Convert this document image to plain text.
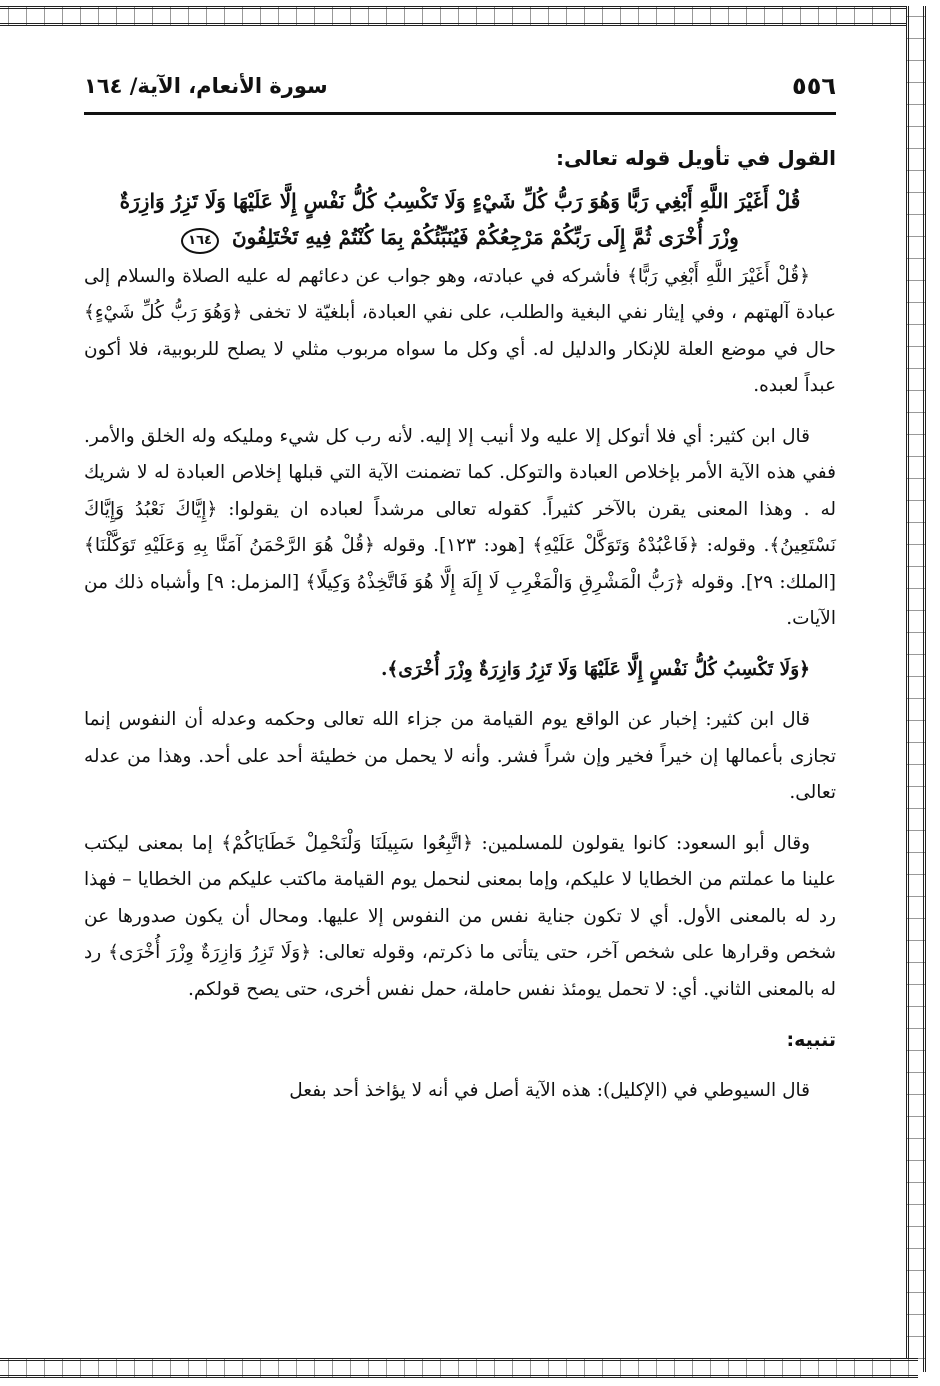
٥٥٦
سورة الأنعام، الآية/ ١٦٤

القول في تأويل قوله تعالى:

قُلْ أَغَيْرَ اللَّهِ أَبْغِي رَبًّا وَهُوَ رَبُّ كُلِّ شَيْءٍ وَلَا تَكْسِبُ كُلُّ نَفْسٍ إِلَّا عَلَيْهَا وَلَا تَزِرُ وَازِرَةٌ
وِزْرَ أُخْرَى ثُمَّ إِلَى رَبِّكُمْ مَرْجِعُكُمْ فَيُنَبِّئُكُمْ بِمَا كُنْتُمْ فِيهِ تَخْتَلِفُونَ ١٦٤

﴿قُلْ أَغَيْرَ اللَّهِ أَبْغِي رَبًّا﴾ فأشركه في عبادته، وهو جواب عن دعائهم له عليه الصلاة والسلام إلى عبادة آلهتهم ، وفي إيثار نفي البغية والطلب، على نفي العبادة، أبلغيّة لا تخفى ﴿وَهُوَ رَبُّ كُلِّ شَيْءٍ﴾ حال في موضع العلة للإنكار والدليل له. أي وكل ما سواه مربوب مثلي لا يصلح للربوبية، فلا أكون عبداً لعبده.

قال ابن كثير: أي فلا أتوكل إلا عليه ولا أنيب إلا إليه. لأنه رب كل شيء ومليكه وله الخلق والأمر. ففي هذه الآية الأمر بإخلاص العبادة والتوكل. كما تضمنت الآية التي قبلها إخلاص العبادة له لا شريك له . وهذا المعنى يقرن بالآخر كثيراً. كقوله تعالى مرشداً لعباده ان يقولوا: ﴿إِيَّاكَ نَعْبُدُ وَإِيَّاكَ نَسْتَعِينُ﴾. وقوله: ﴿فَاعْبُدْهُ وَتَوَكَّلْ عَلَيْهِ﴾ [هود: ١٢٣]. وقوله ﴿قُلْ هُوَ الرَّحْمَنُ آمَنَّا بِهِ وَعَلَيْهِ تَوَكَّلْنَا﴾ [الملك: ٢٩]. وقوله ﴿رَبُّ الْمَشْرِقِ وَالْمَغْرِبِ لَا إِلَهَ إِلَّا هُوَ فَاتَّخِذْهُ وَكِيلًا﴾ [المزمل: ٩] وأشباه ذلك من الآيات.

﴿وَلَا تَكْسِبُ كُلُّ نَفْسٍ إِلَّا عَلَيْهَا وَلَا تَزِرُ وَازِرَةٌ وِزْرَ أُخْرَى﴾.

قال ابن كثير: إخبار عن الواقع يوم القيامة من جزاء الله تعالى وحكمه وعدله أن النفوس إنما تجازى بأعمالها إن خيراً فخير وإن شراً فشر. وأنه لا يحمل من خطيئة أحد على أحد. وهذا من عدله تعالى.

وقال أبو السعود: كانوا يقولون للمسلمين: ﴿اتَّبِعُوا سَبِيلَنَا وَلْنَحْمِلْ خَطَايَاكُمْ﴾ إما بمعنى ليكتب علينا ما عملتم من الخطايا لا عليكم، وإما بمعنى لنحمل يوم القيامة ماكتب عليكم من الخطايا – فهذا رد له بالمعنى الأول. أي لا تكون جناية نفس من النفوس إلا عليها. ومحال أن يكون صدورها عن شخص وقرارها على شخص آخر، حتى يتأتى ما ذكرتم، وقوله تعالى: ﴿وَلَا تَزِرُ وَازِرَةٌ وِزْرَ أُخْرَى﴾ رد له بالمعنى الثاني. أي: لا تحمل يومئذ نفس حاملة، حمل نفس أخرى، حتى يصح قولكم.

تنبيه:

قال السيوطي في (الإكليل): هذه الآية أصل في أنه لا يؤاخذ أحد بفعل
